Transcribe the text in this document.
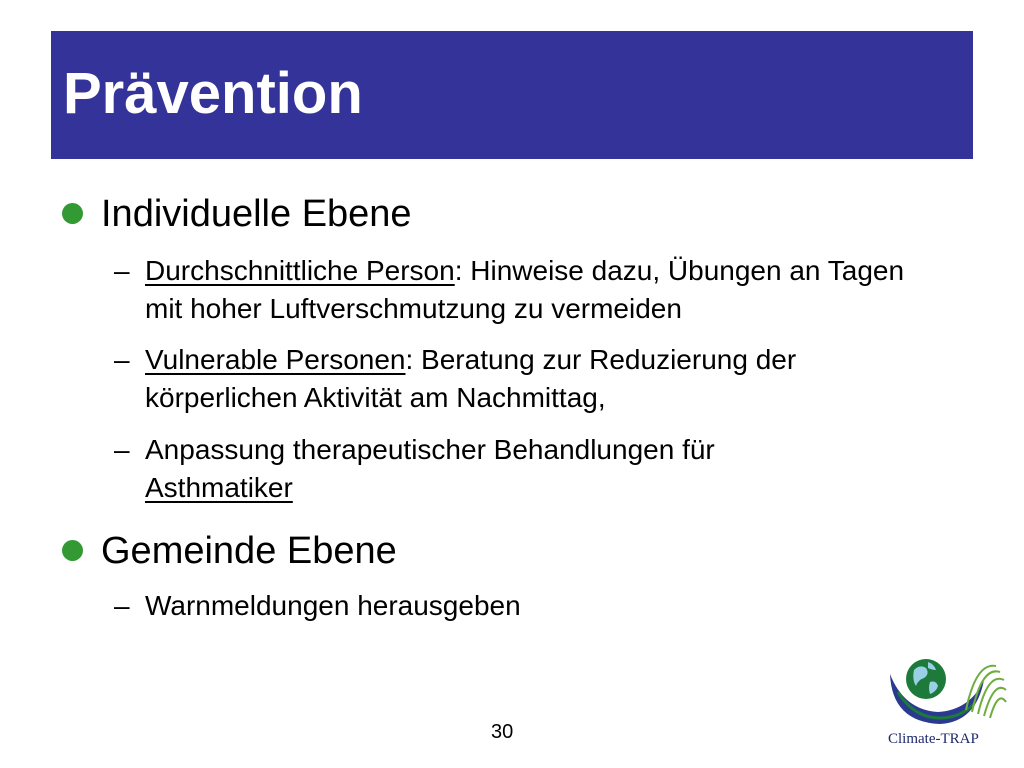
Prävention
Individuelle Ebene
– Durchschnittliche Person: Hinweise dazu, Übungen an Tagen mit hoher Luftverschmutzung zu vermeiden
– Vulnerable Personen: Beratung zur Reduzierung der körperlichen Aktivität am Nachmittag,
– Anpassung therapeutischer Behandlungen für Asthmatiker
Gemeinde Ebene
– Warnmeldungen herausgeben
30	Climate-TRAP
